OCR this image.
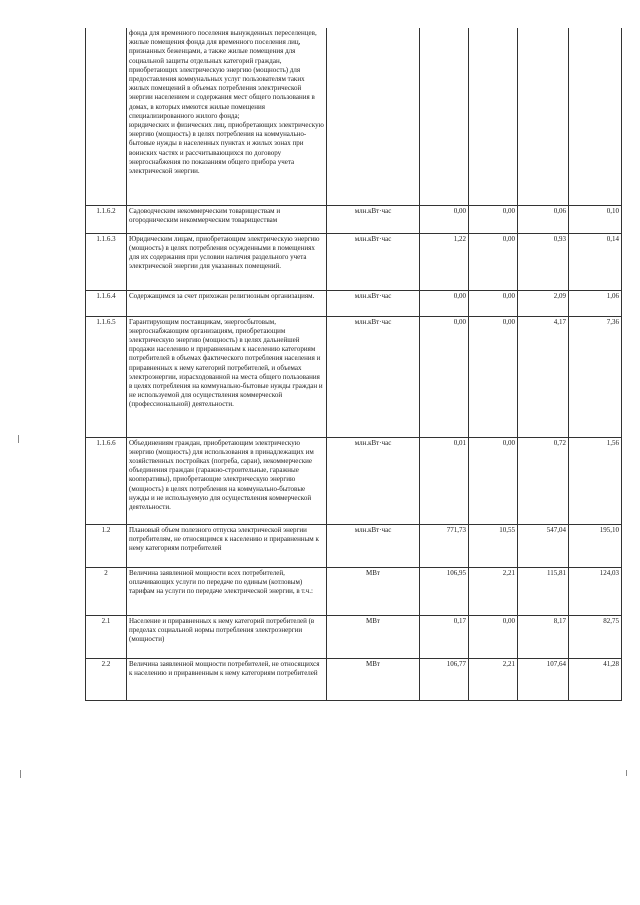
	фонда для временного поселения вынужденных переселенцев, жилые помещения фонда для временного поселения лиц, признанных беженцами, а также жилые помещения для социальной защиты отдельных категорий граждан, приобретающих электрическую энергию (мощность) для предоставления коммунальных услуг пользователям таких жилых помещений в объемах потребления электрической энергии населением и содержания мест общего пользования в домах, в которых имеются жилые помещения специализированного жилого фонда;
юридических и физических лиц, приобретающих электрическую энергию (мощность) в целях потребления на коммунально-бытовые нужды в населенных пунктах и жилых зонах при воинских частях и рассчитывающихся по договору энергоснабжения по показаниям общего прибора учета электрической энергии.					
1.1.6.2	Садоводческим некоммерческим товариществам и огородническим некоммерческим товариществам	млн.кВт·час	0,00	0,00	0,06	0,10
1.1.6.3	Юридическим лицам, приобретающим электрическую энергию (мощность) в целях потребления осужденными в помещениях для их содержания при условии наличия раздельного учета электрической энергии для указанных помещений.	млн.кВт·час	1,22	0,00	0,93	0,14
1.1.6.4	Содержащимся за счет прихожан религиозным организациям.	млн.кВт·час	0,00	0,00	2,09	1,06
1.1.6.5	Гарантирующим поставщикам, энергосбытовым, энергоснабжающим организациям, приобретающим электрическую энергию (мощность) в целях дальнейшей продажи населению и приравненным к населению категориям потребителей в объемах фактического потребления населения и приравненных к нему категорий потребителей, и объемах электроэнергии, израсходованной на места общего пользования в целях потребления на коммунально-бытовые нужды граждан и не используемой для осуществления коммерческой (профессиональной) деятельности.	млн.кВт·час	0,00	0,00	4,17	7,36
1.1.6.6	Объединениям граждан, приобретающим электрическую энергию (мощность) для использования в принадлежащих им хозяйственных постройках (погреба, сараи), некоммерческие объединения граждан (гаражно-строительные, гаражные кооперативы), приобретающие электрическую энергию (мощность) в целях потребления на коммунально-бытовые нужды и не используемую для осуществления коммерческой деятельности.	млн.кВт·час	0,01	0,00	0,72	1,56
1.2	Плановый объем полезного отпуска электрической энергии потребителям, не относящимся к населению и приравненным к нему категориям потребителей	млн.кВт·час	771,73	10,55	547,04	195,10
2	Величина заявленной мощности всех потребителей, оплачивающих услуги по передаче по единым (котловым) тарифам на услуги по передаче электрической энергии, в т.ч.:	МВт	106,95	2,21	115,81	124,03
2.1	Население и приравненных к нему категорий потребителей (в пределах социальной нормы потребления электроэнергии (мощности)	МВт	0,17	0,00	8,17	82,75
2.2	Величина заявленной мощности потребителей, не относящихся к населению и приравненным к нему категориям потребителей	МВт	106,77	2,21	107,64	41,28
